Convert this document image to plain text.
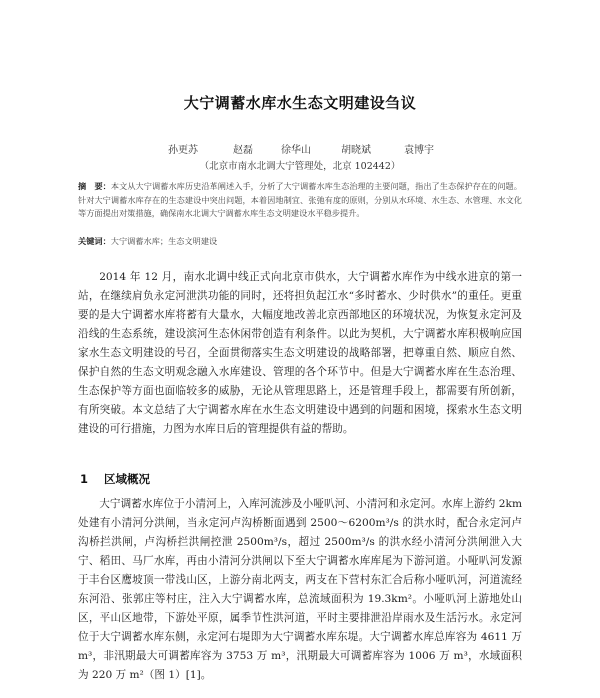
大宁调蓄水库水生态文明建设刍议
孙更苏	赵磊	徐华山	胡晓斌	袁博宇
（北京市南水北调大宁管理处，北京 102442）
摘　要：本文从大宁调蓄水库历史沿革阐述入手，分析了大宁调蓄水库生态治理的主要问题，指出了生态保护存在的问题。针对大宁调蓄水库存在的生态建设中突出问题，本着因地制宜、张弛有度的原则，分别从水环境、水生态、水管理、水文化等方面提出对策措施，确保南水北调大宁调蓄水库生态文明建设水平稳步提升。
关键词：大宁调蓄水库；生态文明建设

2014 年 12 月，南水北调中线正式向北京市供水，大宁调蓄水库作为中线水进京的第一站，在继续肩负永定河泄洪功能的同时，还将担负起江水“多时蓄水、少时供水”的重任。更重要的是大宁调蓄水库将蓄有大量水，大幅度地改善北京西部地区的环境状况，为恢复永定河及沿线的生态系统，建设滨河生态休闲带创造有利条件。以此为契机，大宁调蓄水库积极响应国家水生态文明建设的号召，全面贯彻落实生态文明建设的战略部署，把尊重自然、顺应自然、保护自然的生态文明观念融入水库建设、管理的各个环节中。但是大宁调蓄水库在生态治理、生态保护等方面也面临较多的威胁，无论从管理思路上，还是管理手段上，都需要有所创新，有所突破。本文总结了大宁调蓄水库在水生态文明建设中遇到的问题和困境，探索水生态文明建设的可行措施，力图为水库日后的管理提供有益的帮助。

1 区域概况

大宁调蓄水库位于小清河上，入库河流涉及小哑叭河、小清河和永定河。水库上游约 2km 处建有小清河分洪闸，当永定河卢沟桥断面遇到 2500～6200m³/s 的洪水时，配合永定河卢沟桥拦洪闸，卢沟桥拦洪闸控泄 2500m³/s，超过 2500m³/s 的洪水经小清河分洪闸泄入大宁、稻田、马厂水库，再由小清河分洪闸以下至大宁调蓄水库库尾为下游河道。小哑叭河发源于丰台区鹰坡顶一带浅山区，上游分南北两支，两支在下营村东汇合后称小哑叭河，河道流经东河沿、张郭庄等村庄，注入大宁调蓄水库，总流域面积为 19.3km²。小哑叭河上游地处山区，平山区地带，下游处平原，属季节性洪河道，平时主要排泄沿岸雨水及生活污水。永定河位于大宁调蓄水库东侧，永定河右堤即为大宁调蓄水库东堤。大宁调蓄水库总库容为 4611 万 m³，非汛期最大可调蓄库容为 3753 万 m³，汛期最大可调蓄库容为 1006 万 m³，水域面积为 220 万 m²（图 1）[1]。
